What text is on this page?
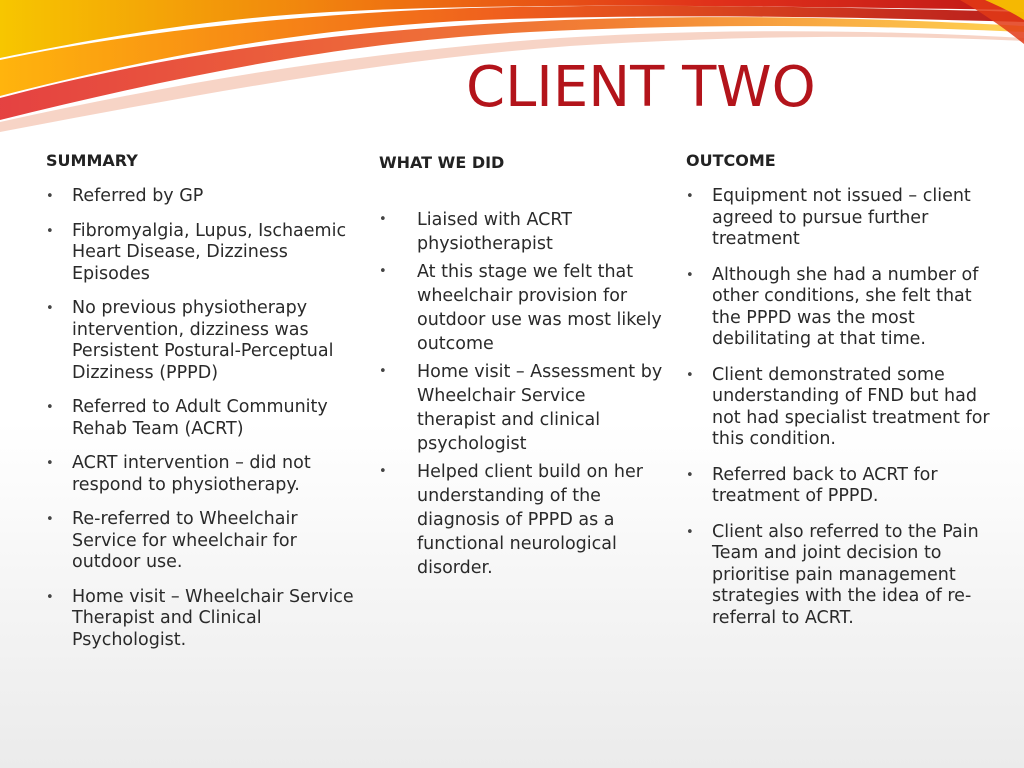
CLIENT TWO
SUMMARY
• Referred by GP
• Fibromyalgia, Lupus, Ischaemic Heart Disease, Dizziness Episodes
• No previous physiotherapy intervention, dizziness was Persistent Postural-Perceptual Dizziness (PPPD)
• Referred to Adult Community Rehab Team (ACRT)
• ACRT intervention – did not respond to physiotherapy.
• Re-referred to Wheelchair Service for wheelchair for outdoor use.
• Home visit – Wheelchair Service Therapist and Clinical Psychologist.
WHAT WE DID
• Liaised with ACRT physiotherapist
• At this stage we felt that wheelchair provision for outdoor use was most likely outcome
• Home visit – Assessment by Wheelchair Service therapist and clinical psychologist
• Helped client build on her understanding of the diagnosis of PPPD as a functional neurological disorder.
OUTCOME
• Equipment not issued – client agreed to pursue further treatment
• Although she had a number of other conditions, she felt that the PPPD was the most debilitating at that time.
• Client demonstrated some understanding of FND but had not had specialist treatment for this condition.
• Referred back to ACRT for treatment of PPPD.
• Client also referred to the Pain Team and joint decision to prioritise pain management strategies with the idea of re-referral to ACRT.
